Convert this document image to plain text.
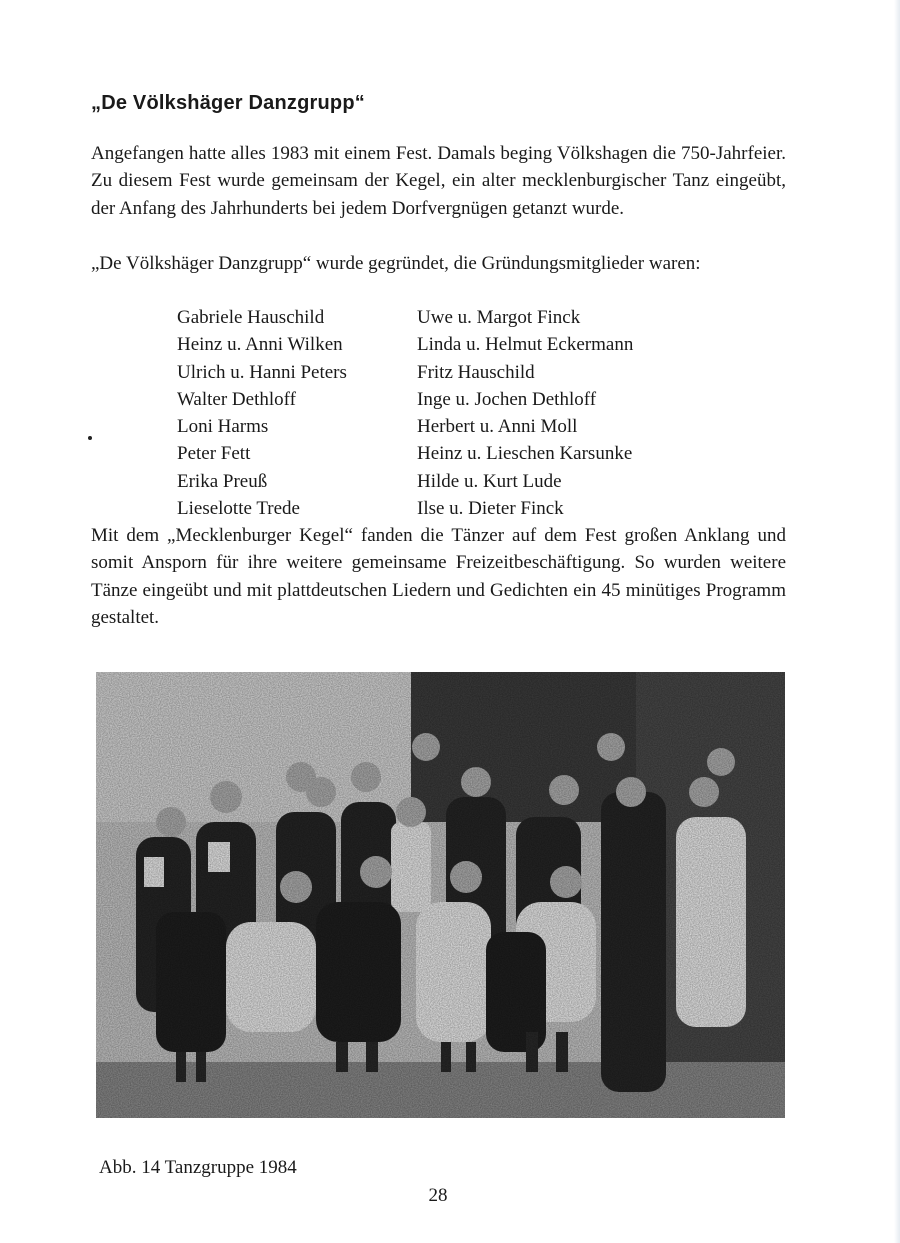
„De Völkshäger Danzgrupp“
Angefangen hatte alles 1983 mit einem Fest. Damals beging Völkshagen die 750-Jahrfeier. Zu diesem Fest wurde gemeinsam der Kegel, ein alter mecklenburgischer Tanz eingeübt, der Anfang des Jahrhunderts bei jedem Dorfvergnügen getanzt wurde.
„De Völkshäger Danzgrupp“ wurde gegründet, die Gründungsmitglieder waren:
Gabriele Hauschild	Uwe u. Margot Finck
Heinz u. Anni Wilken	Linda u. Helmut Eckermann
Ulrich u. Hanni Peters	Fritz Hauschild
Walter Dethloff	Inge u. Jochen Dethloff
Loni Harms	Herbert u. Anni Moll
Peter Fett	Heinz u. Lieschen Karsunke
Erika Preuß	Hilde u. Kurt Lude
Lieselotte Trede	Ilse u. Dieter Finck
Mit dem „Mecklenburger Kegel“ fanden die Tänzer auf dem Fest großen Anklang und somit Ansporn für ihre weitere gemeinsame Freizeitbeschäftigung. So wurden weitere Tänze eingeübt und mit plattdeutschen Liedern und Gedichten ein 45 minütiges Programm gestaltet.
Abb. 14 Tanzgruppe 1984
28
